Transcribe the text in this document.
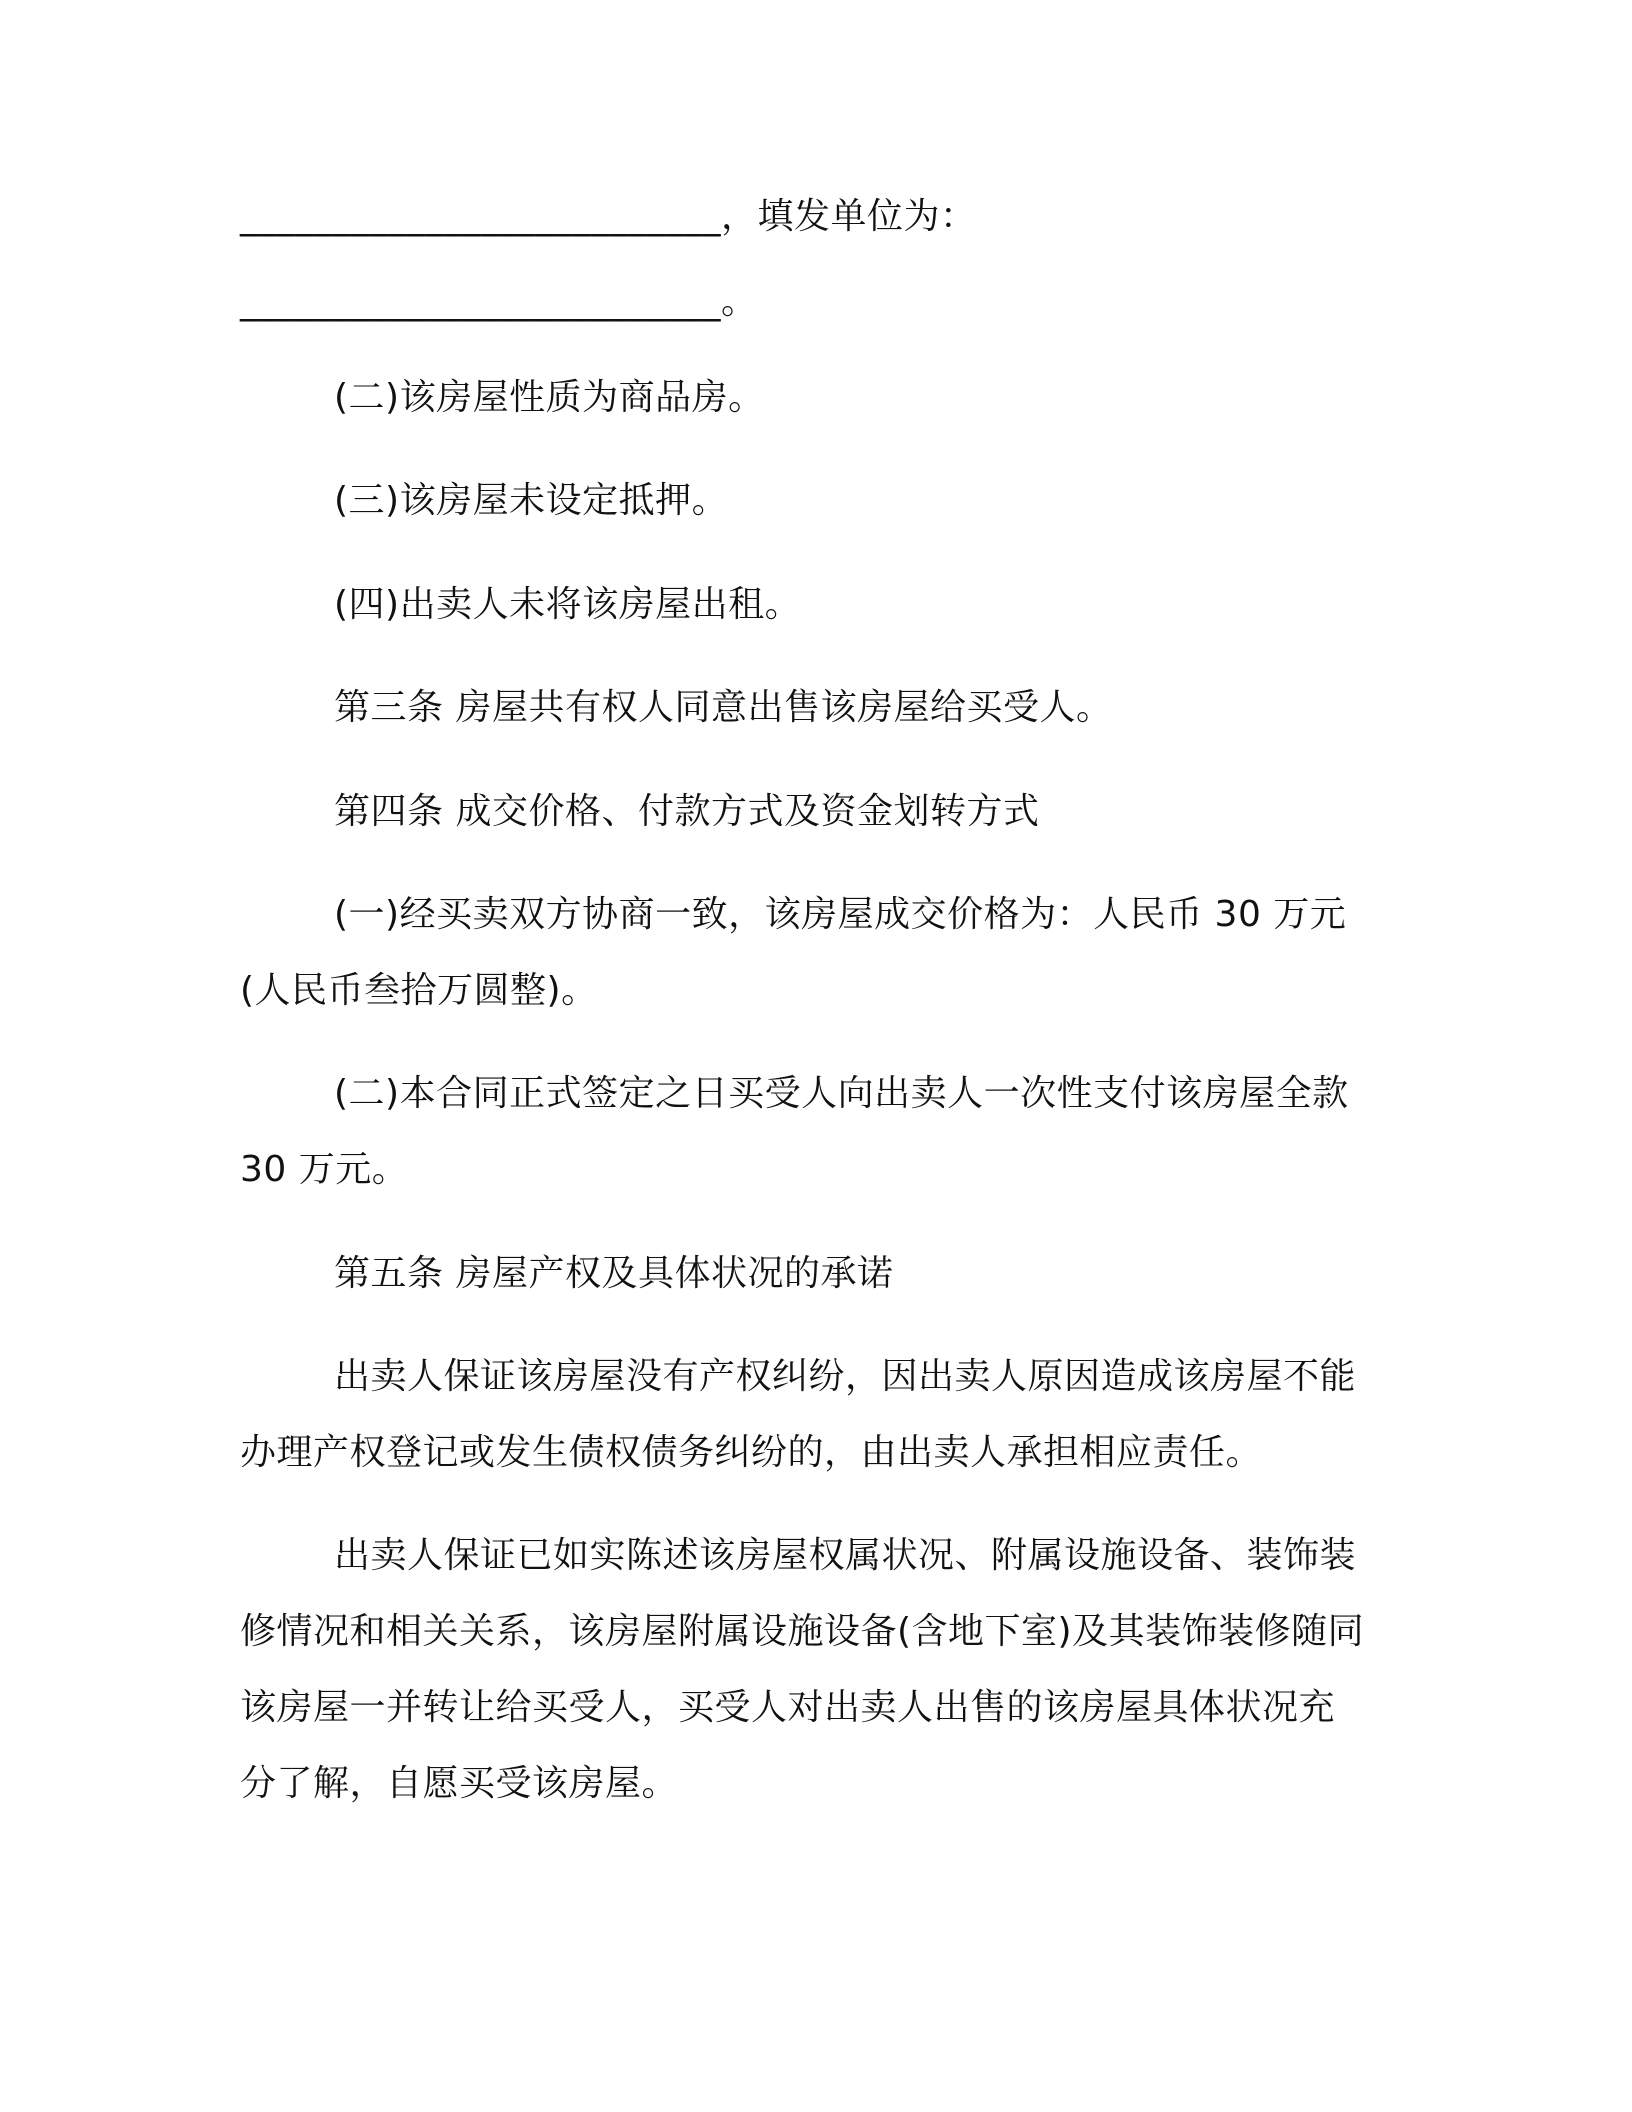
__________________________，填发单位为：
__________________________。
(二)该房屋性质为商品房。
(三)该房屋未设定抵押。
(四)出卖人未将该房屋出租。
第三条 房屋共有权人同意出售该房屋给买受人。
第四条 成交价格、付款方式及资金划转方式
(一)经买卖双方协商一致，该房屋成交价格为：人民币 30 万元
(人民币叁拾万圆整)。
(二)本合同正式签定之日买受人向出卖人一次性支付该房屋全款
30 万元。
第五条 房屋产权及具体状况的承诺
出卖人保证该房屋没有产权纠纷，因出卖人原因造成该房屋不能
办理产权登记或发生债权债务纠纷的，由出卖人承担相应责任。
出卖人保证已如实陈述该房屋权属状况、附属设施设备、装饰装
修情况和相关关系，该房屋附属设施设备(含地下室)及其装饰装修随同
该房屋一并转让给买受人，买受人对出卖人出售的该房屋具体状况充
分了解，自愿买受该房屋。
